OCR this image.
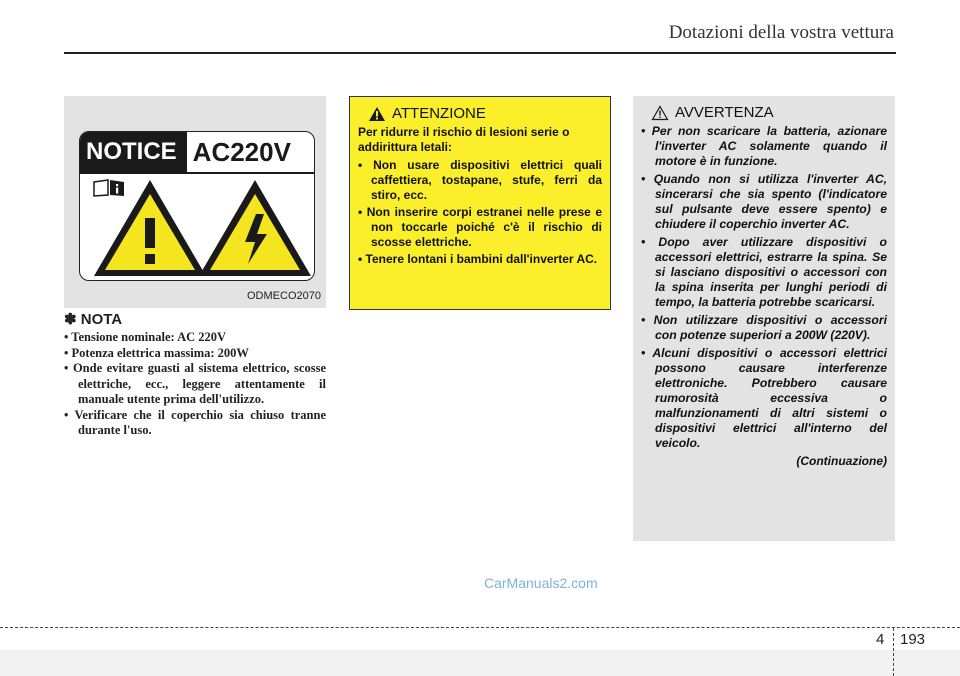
Dotazioni della vostra vettura
NOTICE AC220V
ODMECO2070
✽ NOTA
• Tensione nominale: AC 220V
• Potenza elettrica massima: 200W
• Onde evitare guasti al sistema elettrico, scosse elettriche, ecc., leggere attentamente il manuale utente prima dell'utilizzo.
• Verificare che il coperchio sia chiuso tranne durante l'uso.
ATTENZIONE

Per ridurre il rischio di lesioni serie o addirittura letali:

• Non usare dispositivi elettrici quali caffettiera, tostapane, stufe, ferri da stiro, ecc.
• Non inserire corpi estranei nelle prese e non toccarle poiché c'è il rischio di scosse elettriche.
• Tenere lontani i bambini dall'inverter AC.
AVVERTENZA
• Per non scaricare la batteria, azionare l'inverter AC solamente quando il motore è in funzione.
• Quando non si utilizza l'inverter AC, sincerarsi che sia spento (l'indicatore sul pulsante deve essere spento) e chiudere il coperchio inverter AC.
• Dopo aver utilizzare dispositivi o accessori elettrici, estrarre la spina. Se si lasciano dispositivi o accessori con la spina inserita per lunghi periodi di tempo, la batteria potrebbe scaricarsi.
• Non utilizzare dispositivi o accessori con potenze superiori a 200W (220V).
• Alcuni dispositivi o accessori elettrici possono causare interferenze elettroniche. Potrebbero causare rumorosità eccessiva o malfunzionamenti di altri sistemi o dispositivi elettrici all'interno del veicolo.
(Continuazione)
CarManuals2.com
4 193
